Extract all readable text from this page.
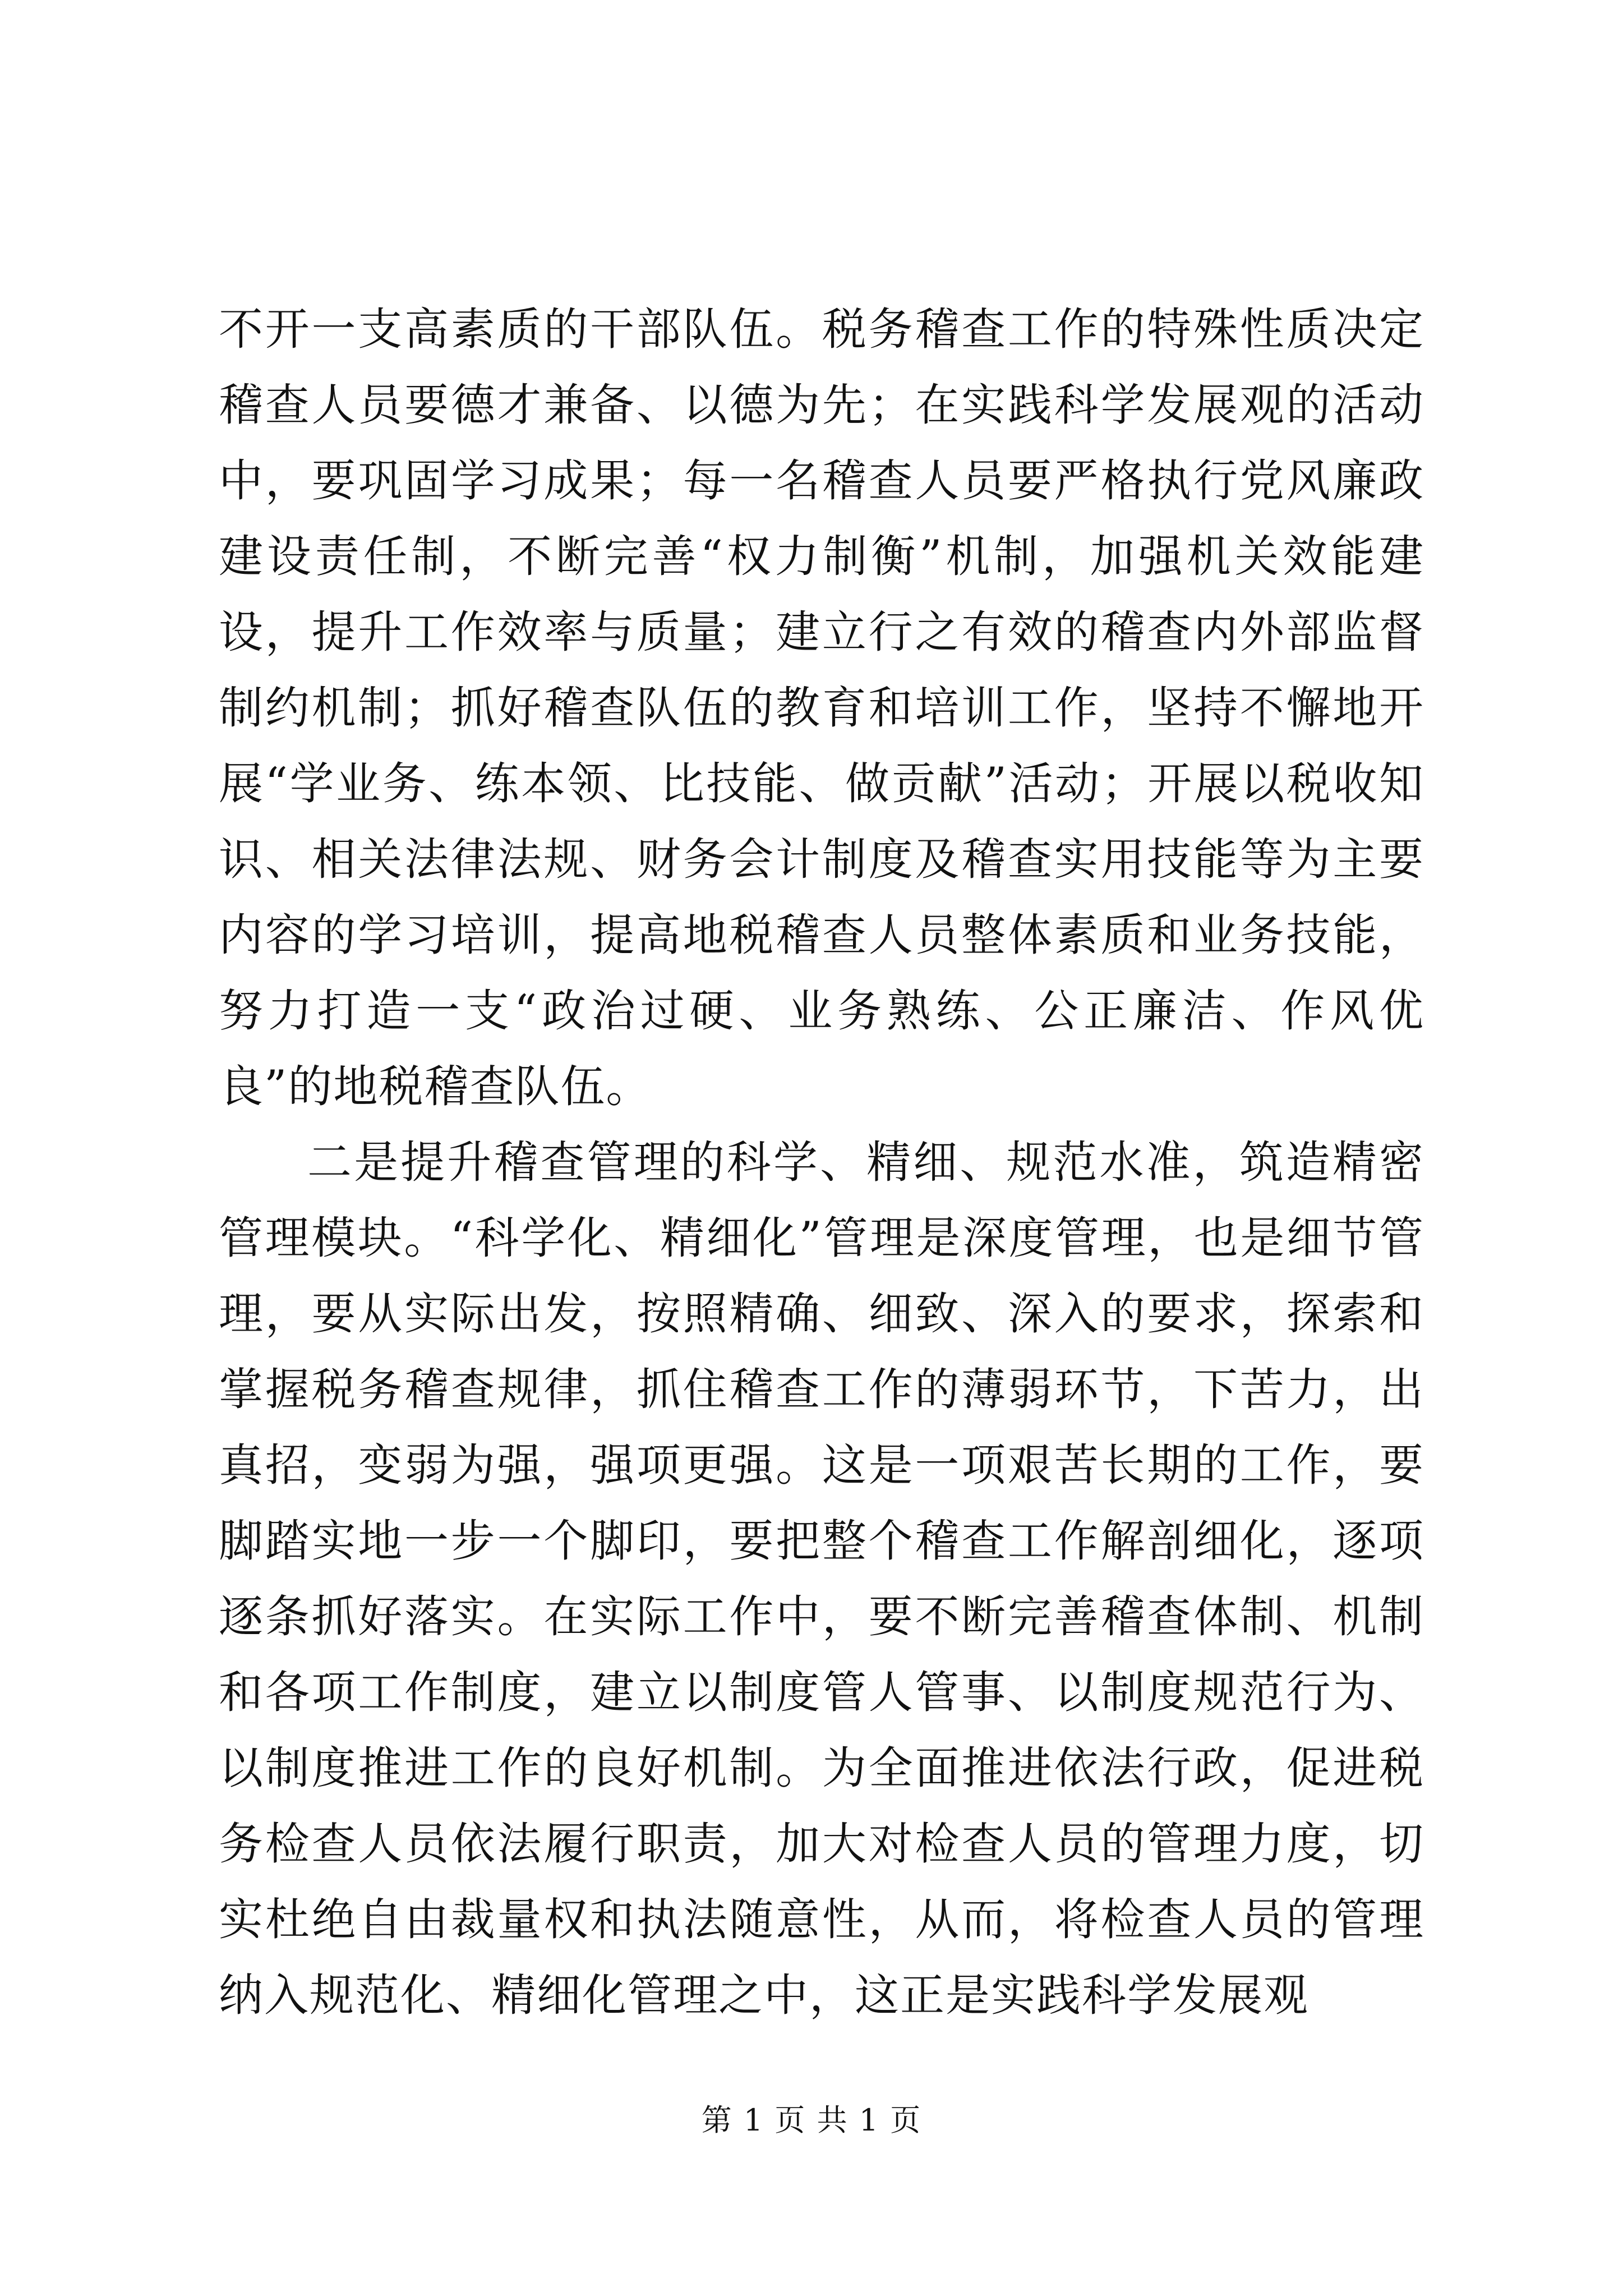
不开一支高素质的干部队伍。税务稽查工作的特殊性质决定稽查人员要德才兼备、以德为先；在实践科学发展观的活动中，要巩固学习成果；每一名稽查人员要严格执行党风廉政建设责任制，不断完善“权力制衡”机制，加强机关效能建设，提升工作效率与质量；建立行之有效的稽查内外部监督制约机制；抓好稽查队伍的教育和培训工作，坚持不懈地开展“学业务、练本领、比技能、做贡献”活动；开展以税收知识、相关法律法规、财务会计制度及稽查实用技能等为主要内容的学习培训，提高地税稽查人员整体素质和业务技能，努力打造一支“政治过硬、业务熟练、公正廉洁、作风优良”的地税稽查队伍。

二是提升稽查管理的科学、精细、规范水准，筑造精密管理模块。“科学化、精细化”管理是深度管理，也是细节管理，要从实际出发，按照精确、细致、深入的要求，探索和掌握税务稽查规律，抓住稽查工作的薄弱环节，下苦力，出真招，变弱为强，强项更强。这是一项艰苦长期的工作，要脚踏实地一步一个脚印，要把整个稽查工作解剖细化，逐项逐条抓好落实。在实际工作中，要不断完善稽查体制、机制和各项工作制度，建立以制度管人管事、以制度规范行为、以制度推进工作的良好机制。为全面推进依法行政，促进税务检查人员依法履行职责，加大对检查人员的管理力度，切实杜绝自由裁量权和执法随意性，从而，将检查人员的管理纳入规范化、精细化管理之中，这正是实践科学发展观

第 1 页 共 1 页
